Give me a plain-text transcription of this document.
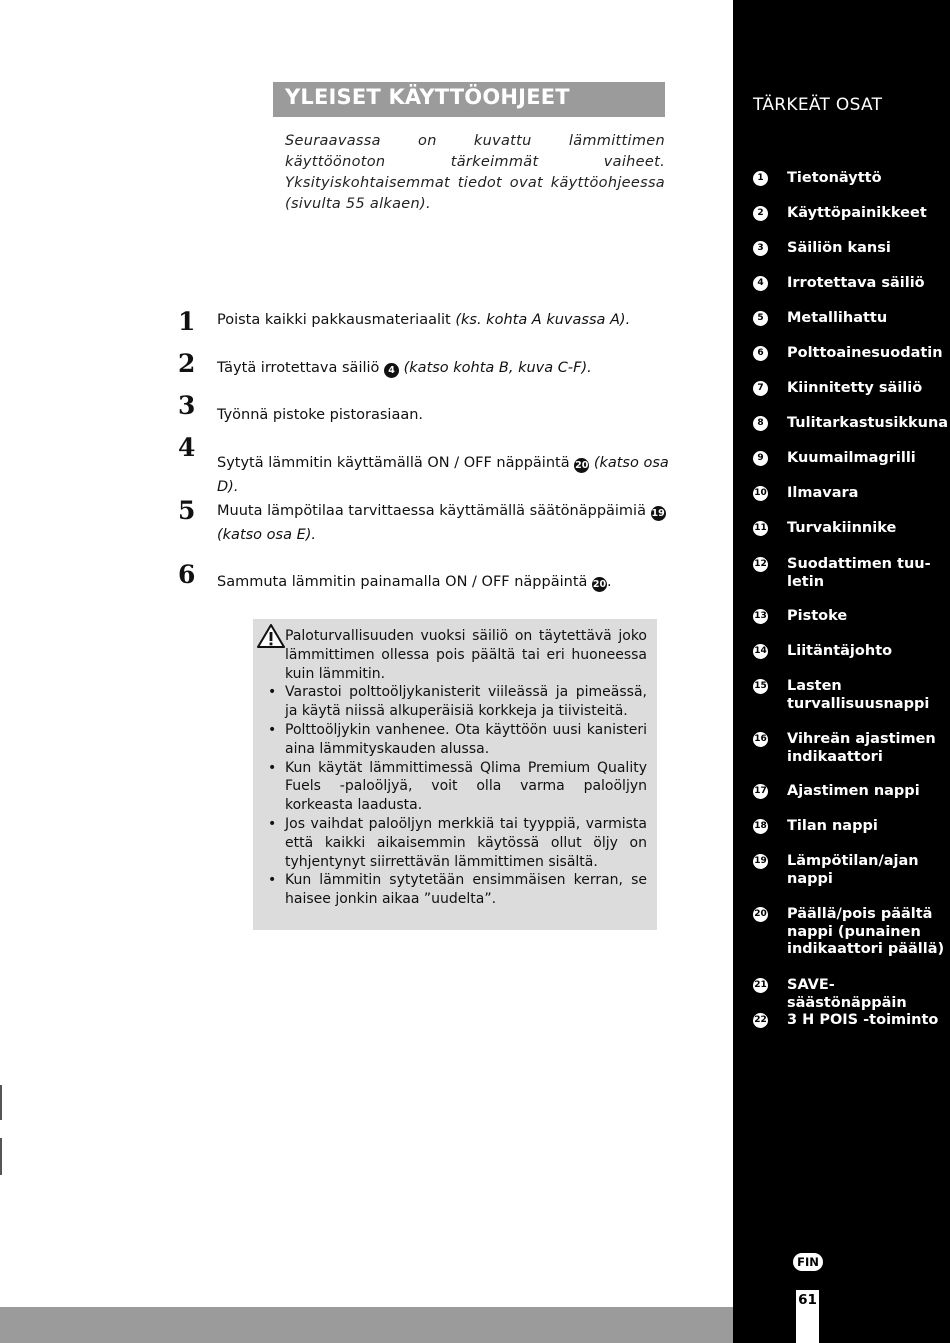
YLEISET KÄYTTÖOHJEET
Seuraavassa on kuvattu lämmittimen käyttöönoton tärkeimmät vaiheet. Yksityiskohtaisemmat tiedot ovat käyttöohjeessa (sivulta 55 alkaen).
1 Poista kaikki pakkausmateriaalit (ks. kohta A kuvassa A).
2 Täytä irrotettava säiliö 4 (katso kohta B, kuva C-F).
3 Työnnä pistoke pistorasiaan.
4
Sytytä lämmitin käyttämällä ON / OFF näppäintä 20 (katso osa D).
5 Muuta lämpötilaa tarvittaessa käyttämällä säätönäppäimiä 19
(katso osa E).
6 Sammuta lämmitin painamalla ON / OFF näppäintä 20.
Paloturvallisuuden vuoksi säiliö on täytettävä joko lämmittimen ollessa pois päältä tai eri huoneessa kuin lämmitin.
• Varastoi polttoöljykanisterit viileässä ja pimeässä, ja käytä niissä alkuperäisiä korkkeja ja tiivisteitä.
• Polttoöljykin vanhenee. Ota käyttöön uusi kanisteri aina lämmityskauden alussa.
• Kun käytät lämmittimessä Qlima Premium Quality Fuels -paloöljyä, voit olla varma paloöljyn korkeasta laadusta.
• Jos vaihdat paloöljyn merkkiä tai tyyppiä, varmista että kaikki aikaisemmin käytössä ollut öljy on tyhjentynyt siirrettävän lämmittimen sisältä.
• Kun lämmitin sytytetään ensimmäisen kerran, se haisee jonkin aikaa ”uudelta”.
TÄRKEÄT OSAT
1	Tietonäyttö
2	Käyttöpainikkeet
3	Säiliön kansi
4	Irrotettava säiliö
5	Metallihattu
6	Polttoainesuodatin
7	Kiinnitetty säiliö
8	Tulitarkastusikkuna
9	Kuumailmagrilli
10 Ilmavara
11 Turvakiinnike
12 Suodattimen tuuletin
13 Pistoke
14 Liitäntäjohto
15 Lasten turvallisuusnappi
16 Vihreän ajastimen indikaattori
17 Ajastimen nappi
18 Tilan nappi
19 Lämpötilan/ajan nappi
20 Päällä/pois päältä nappi (punainen indikaattori päällä)
21 SAVE-säästönäppäin
22 3 H POIS -toiminto
FIN
61
